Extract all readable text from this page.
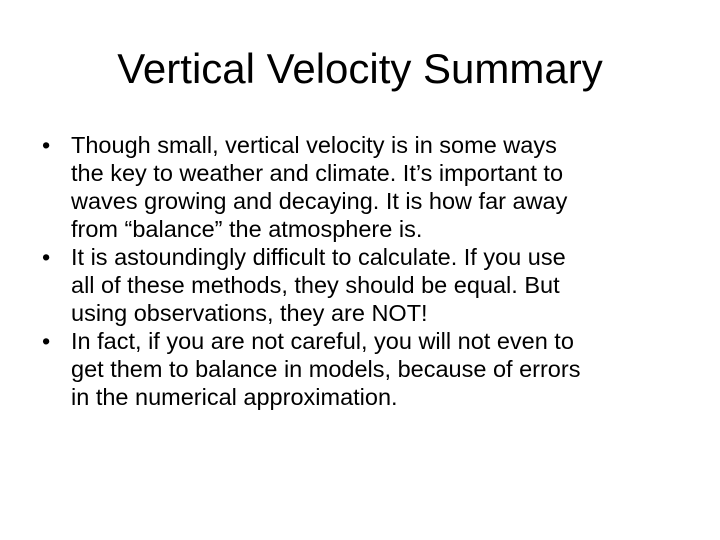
Vertical Velocity Summary
• Though small, vertical velocity is in some ways
the key to weather and climate. It’s important to
waves growing and decaying. It is how far away
from “balance” the atmosphere is.
• It is astoundingly difficult to calculate. If you use
all of these methods, they should be equal. But
using observations, they are NOT!
• In fact, if you are not careful, you will not even to
get them to balance in models, because of errors
in the numerical approximation.
